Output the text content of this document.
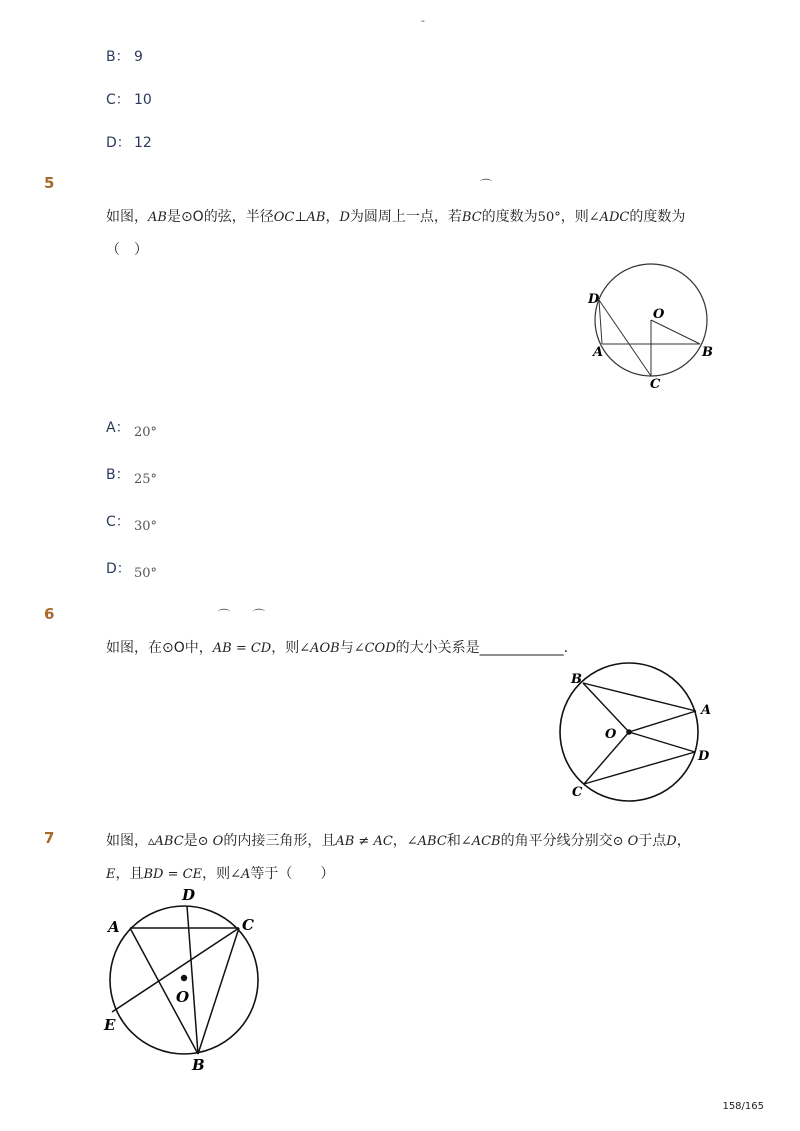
-
B： 9
C： 10
D： 12
5	⌒
如图，AB是⊙O的弦，半径OC⊥AB，D为圆周上一点，若BC的度数为50°，则∠ADC的度数为
（　）
D
O
A	B
C
A： 20°
B： 25°
C： 30°
D： 50°
6	⌒ ⌒
如图，在⊙O中，AB = CD，则∠AOB与∠COD的大小关系是____________.
B
A
O
D
C
7	如图，▵ABC是⊙ O的内接三角形，且AB ≠ AC，∠ABC和∠ACB的角平分线分别交⊙ O于点D，
E，且BD = CE，则∠A等于（　　）
D
A	C
O
E
B
158/165
